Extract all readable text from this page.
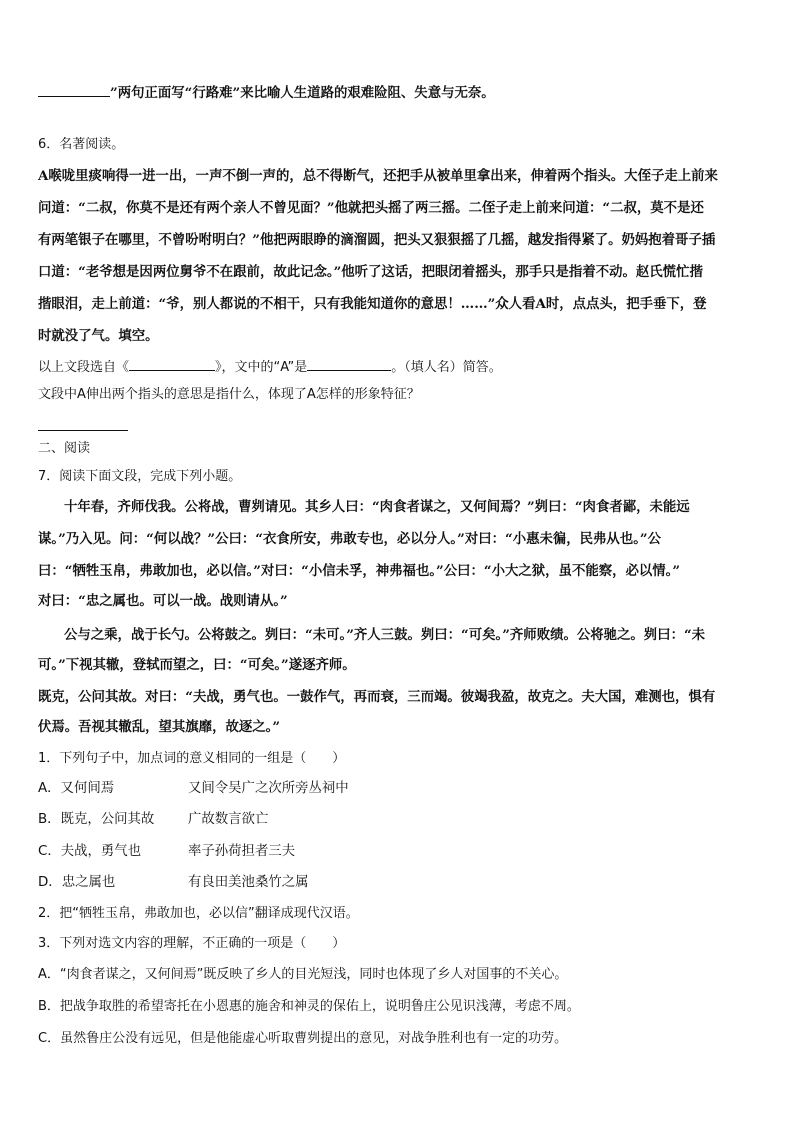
”两句正面写“行路难”来比喻人生道路的艰难险阻、失意与无奈。
6．名著阅读。
A喉咙里痰响得一进一出，一声不倒一声的，总不得断气，还把手从被单里拿出来，伸着两个指头。大侄子走上前来
问道：“二叔，你莫不是还有两个亲人不曾见面？”他就把头摇了两三摇。二侄子走上前来问道：“二叔，莫不是还
有两笔银子在哪里，不曾吩咐明白？”他把两眼睁的滴溜圆，把头又狠狠摇了几摇，越发指得紧了。奶妈抱着哥子插
口道：“老爷想是因两位舅爷不在跟前，故此记念。”他听了这话，把眼闭着摇头，那手只是指着不动。赵氏慌忙揩
揩眼泪，走上前道：“爷，别人都说的不相干，只有我能知道你的意思！……”众人看A时，点点头，把手垂下，登
时就没了气。填空。
以上文段选自《	》，文中的“A”是	。（填人名）简答。
文段中A伸出两个指头的意思是指什么，体现了A怎样的形象特征？
二、阅读
7．阅读下面文段，完成下列小题。
十年春，齐师伐我。公将战，曹刿请见。其乡人曰：“肉食者谋之，又何间焉？”刿曰：“肉食者鄙，未能远
谋。”乃入见。问：“何以战？”公曰：“衣食所安，弗敢专也，必以分人。”对曰：“小惠未徧，民弗从也。”公
曰：“牺牲玉帛，弗敢加也，必以信。”对曰：“小信未孚，神弗福也。”公曰：“小大之狱，虽不能察，必以情。”
对曰：“忠之属也。可以一战。战则请从。”
公与之乘，战于长勺。公将鼓之。刿曰：“未可。”齐人三鼓。刿曰：“可矣。”齐师败绩。公将驰之。刿曰：“未
可。”下视其辙，登轼而望之，曰：“可矣。”遂逐齐师。
既克，公问其故。对曰：“夫战，勇气也。一鼓作气，再而衰，三而竭。彼竭我盈，故克之。夫大国，难测也，惧有
伏焉。吾视其辙乱，望其旗靡，故逐之。”
1．下列句子中，加点词的意义相同的一组是（　　）
A．又何间焉	又间令吴广之次所旁丛祠中
B．既克，公问其故	广故数言欲亡
C．夫战，勇气也	率子孙荷担者三夫
D．忠之属也	有良田美池桑竹之属
2．把“牺牲玉帛，弗敢加也，必以信”翻译成现代汉语。
3．下列对选文内容的理解，不正确的一项是（　　）
A．“肉食者谋之，又何间焉”既反映了乡人的目光短浅，同时也体现了乡人对国事的不关心。
B．把战争取胜的希望寄托在小恩惠的施舍和神灵的保佑上，说明鲁庄公见识浅薄，考虑不周。
C．虽然鲁庄公没有远见，但是他能虚心听取曹刿提出的意见，对战争胜利也有一定的功劳。
